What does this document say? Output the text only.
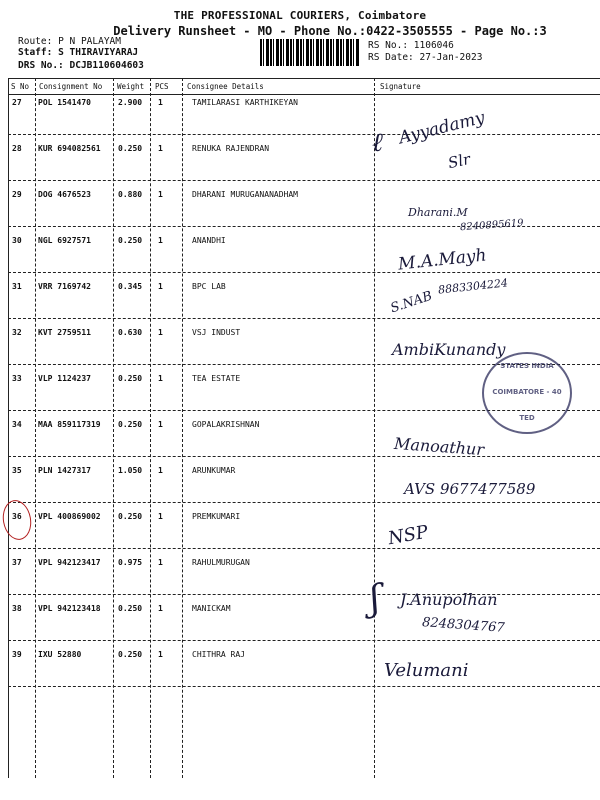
THE PROFESSIONAL COURIERS, Coimbatore
Delivery Runsheet - MO - Phone No.:0422-3505555 - Page No.:3
Route: P N PALAYAM
Staff: S THIRAVIYARAJ
DRS No.: DCJB110604603
RS No.: 1106046
RS Date: 27-Jan-2023
S No Consignment No Weight PCS Consignee Details	Signature
27 POL 1541470	2.900 1	TAMILARASI KARTHIKEYAN
28 KUR 694082561 0.250 1	RENUKA RAJENDRAN
29 DOG 4676523	0.880 1	DHARANI MURUGANANADHAM
30 NGL 6927571	0.250 1	ANANDHI
31 VRR 7169742	0.345 1	BPC LAB
32 KVT 2759511	0.630 1	VSJ INDUST
33 VLP 1124237	0.250 1	TEA ESTATE
34 MAA 859117319 0.250 1	GOPALAKRISHNAN
35 PLN 1427317	1.050 1	ARUNKUMAR
36 VPL 400869002 0.250 1	PREMKUMARI
37 VPL 942123417 0.975 1	RAHULMURUGAN
38 VPL 942123418 0.250 1	MANICKAM
39 IXU 52880	0.250 1	CHITHRA RAJ
ℓ Ayyadamy
Slr
Dharani.M
8240895619
M.A.Mayh
S.NAB
8883304224
AmbiKunandy
STATES INDIA
COIMBATORE - 40
TED
Manoathur
AVS 9677477589
NSP
ʃ J.Anupolhan
8248304767
Velumani
